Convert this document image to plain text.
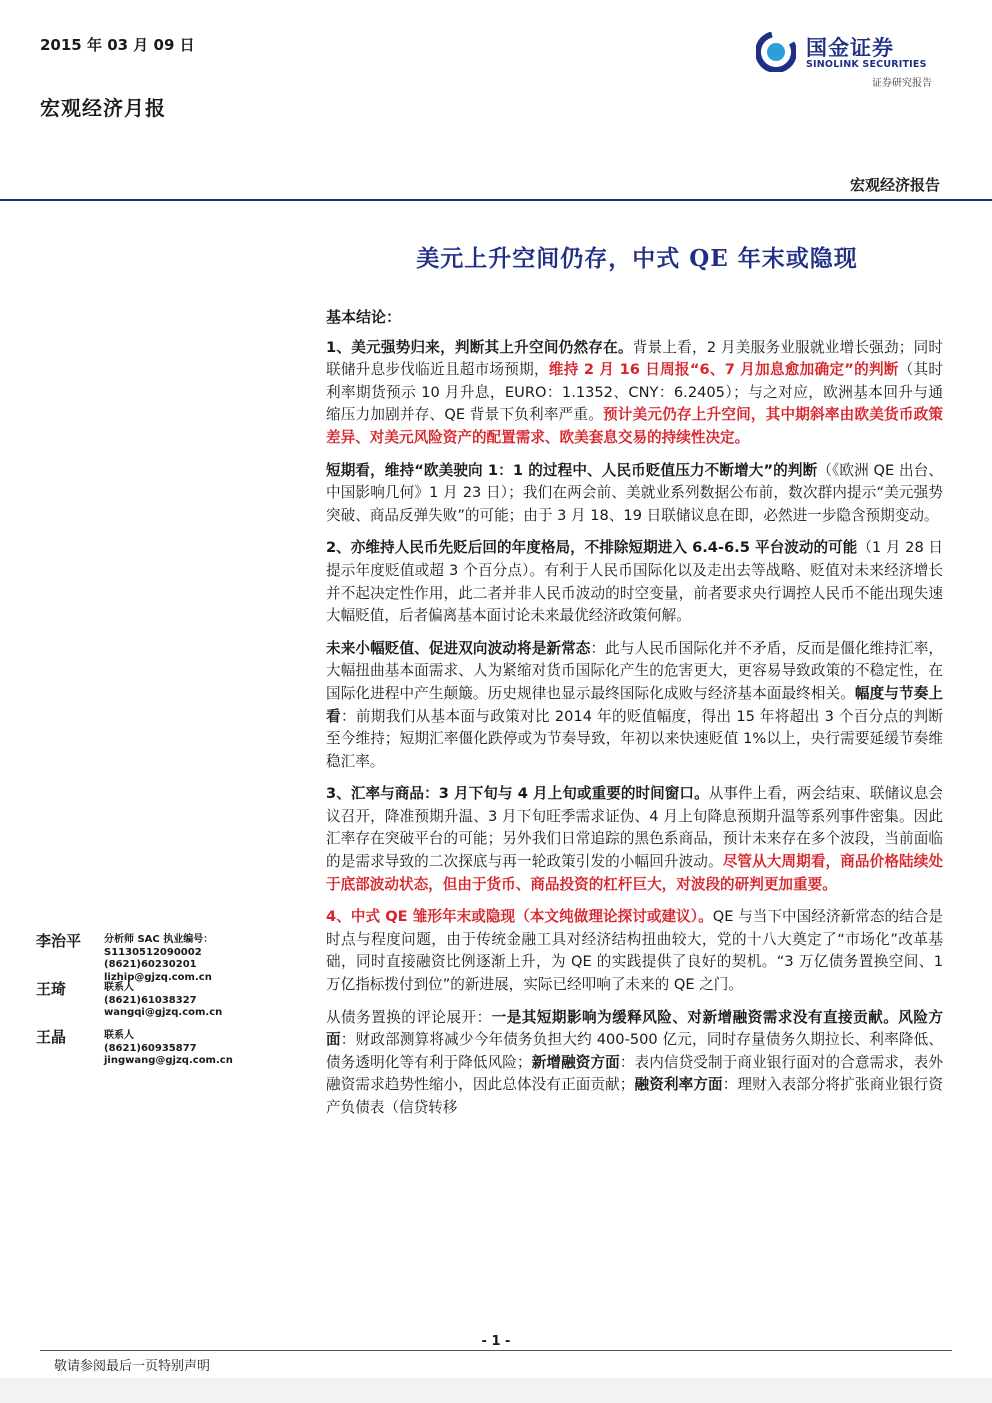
2015 年 03 月 09 日
宏观经济月报
国金证券
SINOLINK SECURITIES
证券研究报告
宏观经济报告
美元上升空间仍存，中式 QE 年末或隐现

基本结论：

1、美元强势归来，判断其上升空间仍然存在。背景上看，2 月美服务业服就业增长强劲；同时联储升息步伐临近且超市场预期，维持 2 月 16 日周报“6、7 月加息愈加确定”的判断（其时利率期货预示 10 月升息，EURO：1.1352、CNY：6.2405）；与之对应，欧洲基本回升与通缩压力加剧并存、QE 背景下负利率严重。预计美元仍存上升空间，其中期斜率由欧美货币政策差异、对美元风险资产的配置需求、欧美套息交易的持续性决定。

短期看，维持“欧美驶向 1：1 的过程中、人民币贬值压力不断增大”的判断（《欧洲 QE 出台、中国影响几何》1 月 23 日）；我们在两会前、美就业系列数据公布前，数次群内提示“美元强势突破、商品反弹失败”的可能；由于 3 月 18、19 日联储议息在即，必然进一步隐含预期变动。

2、亦维持人民币先贬后回的年度格局，不排除短期进入 6.4-6.5 平台波动的可能（1 月 28 日提示年度贬值或超 3 个百分点）。有利于人民币国际化以及走出去等战略、贬值对未来经济增长并不起决定性作用，此二者并非人民币波动的时空变量，前者要求央行调控人民币不能出现失速大幅贬值，后者偏离基本面讨论未来最优经济政策何解。

未来小幅贬值、促进双向波动将是新常态：此与人民币国际化并不矛盾，反而是僵化维持汇率，大幅扭曲基本面需求、人为紧缩对货币国际化产生的危害更大，更容易导致政策的不稳定性，在国际化进程中产生颠簸。历史规律也显示最终国际化成败与经济基本面最终相关。幅度与节奏上看：前期我们从基本面与政策对比 2014 年的贬值幅度，得出 15 年将超出 3 个百分点的判断至今维持；短期汇率僵化跌停或为节奏导致，年初以来快速贬值 1%以上，央行需要延缓节奏维稳汇率。

3、汇率与商品：3 月下旬与 4 月上旬或重要的时间窗口。从事件上看，两会结束、联储议息会议召开，降准预期升温、3 月下旬旺季需求证伪、4 月上旬降息预期升温等系列事件密集。因此汇率存在突破平台的可能；另外我们日常追踪的黑色系商品，预计未来存在多个波段，当前面临的是需求导致的二次探底与再一轮政策引发的小幅回升波动。尽管从大周期看，商品价格陆续处于底部波动状态，但由于货币、商品投资的杠杆巨大，对波段的研判更加重要。

4、中式 QE 雏形年末或隐现（本文纯做理论探讨或建议）。QE 与当下中国经济新常态的结合是时点与程度问题，由于传统金融工具对经济结构扭曲较大，党的十八大奠定了“市场化”改革基础，同时直接融资比例逐渐上升，为 QE 的实践提供了良好的契机。“3 万亿债务置换空间、1 万亿指标拨付到位”的新进展，实际已经叩响了未来的 QE 之门。

从债务置换的评论展开：一是其短期影响为缓释风险、对新增融资需求没有直接贡献。风险方面：财政部测算将减少今年债务负担大约 400-500 亿元，同时存量债务久期拉长、利率降低、债务透明化等有利于降低风险；新增融资方面：表内信贷受制于商业银行面对的合意需求，表外融资需求趋势性缩小，因此总体没有正面贡献；融资利率方面：理财入表部分将扩张商业银行资产负债表（信贷转移

李治平 分析师 SAC 执业编号：S1130512090002
(8621)60230201
lizhip@gjzq.com.cn
王琦	联系人
(8621)61038327
wangqi@gjzq.com.cn
王晶	联系人
(8621)60935877
jingwang@gjzq.com.cn
- 1 -
敬请参阅最后一页特别声明
